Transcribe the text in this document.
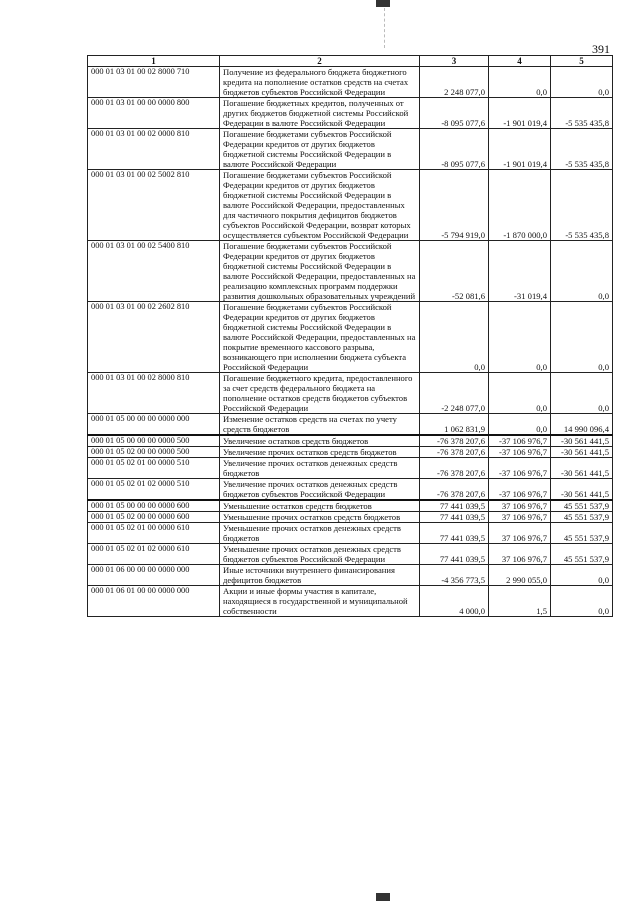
391
1	2	3	4	5
000 01 03 01 00 02 8000 710	Получение из федерального бюджета бюджетного кредита на пополнение остатков средств на счетах бюджетов субъектов Российской Федерации	2 248 077,0	0,0	0,0
000 01 03 01 00 00 0000 800	Погашение бюджетных кредитов, полученных от других бюджетов бюджетной системы Российской Федерации в валюте Российской Федерации	-8 095 077,6	-1 901 019,4	-5 535 435,8
000 01 03 01 00 02 0000 810	Погашение бюджетами субъектов Российской Федерации кредитов от других бюджетов бюджетной системы Российской Федерации в валюте Российской Федерации	-8 095 077,6	-1 901 019,4	-5 535 435,8
000 01 03 01 00 02 5002 810	Погашение бюджетами субъектов Российской Федерации кредитов от других бюджетов бюджетной системы Российской Федерации в валюте Российской Федерации, предоставленных для частичного покрытия дефицитов бюджетов субъектов Российской Федерации, возврат которых осуществляется субъектом Российской Федерации	-5 794 919,0	-1 870 000,0	-5 535 435,8
000 01 03 01 00 02 5400 810	Погашение бюджетами субъектов Российской Федерации кредитов от других бюджетов бюджетной системы Российской Федерации в валюте Российской Федерации, предоставленных на реализацию комплексных программ поддержки развития дошкольных образовательных учреждений	-52 081,6	-31 019,4	0,0
000 01 03 01 00 02 2602 810	Погашение бюджетами субъектов Российской Федерации кредитов от других бюджетов бюджетной системы Российской Федерации в валюте Российской Федерации, предоставленных на покрытие временного кассового разрыва, возникающего при исполнении бюджета субъекта Российской Федерации	0,0	0,0	0,0
000 01 03 01 00 02 8000 810	Погашение бюджетного кредита, предоставленного за счет средств федерального бюджета на пополнение остатков средств бюджетов субъектов Российской Федерации	-2 248 077,0	0,0	0,0
000 01 05 00 00 00 0000 000	Изменение остатков средств на счетах по учету средств бюджетов	1 062 831,9	0,0	14 990 096,4
000 01 05 00 00 00 0000 500	Увеличение остатков средств бюджетов	-76 378 207,6	-37 106 976,7	-30 561 441,5
000 01 05 02 00 00 0000 500	Увеличение прочих остатков средств бюджетов	-76 378 207,6	-37 106 976,7	-30 561 441,5
000 01 05 02 01 00 0000 510	Увеличение прочих остатков денежных средств бюджетов	-76 378 207,6	-37 106 976,7	-30 561 441,5
000 01 05 02 01 02 0000 510	Увеличение прочих остатков денежных средств бюджетов субъектов Российской Федерации	-76 378 207,6	-37 106 976,7	-30 561 441,5
000 01 05 00 00 00 0000 600	Уменьшение остатков средств бюджетов	77 441 039,5	37 106 976,7	45 551 537,9
000 01 05 02 00 00 0000 600	Уменьшение прочих остатков средств бюджетов	77 441 039,5	37 106 976,7	45 551 537,9
000 01 05 02 01 00 0000 610	Уменьшение прочих остатков денежных средств бюджетов	77 441 039,5	37 106 976,7	45 551 537,9
000 01 05 02 01 02 0000 610	Уменьшение прочих остатков денежных средств бюджетов субъектов Российской Федерации	77 441 039,5	37 106 976,7	45 551 537,9
000 01 06 00 00 00 0000 000	Иные источники внутреннего финансирования дефицитов бюджетов	-4 356 773,5	2 990 055,0	0,0
000 01 06 01 00 00 0000 000	Акции и иные формы участия в капитале, находящиеся в государственной и муниципальной собственности	4 000,0	1,5	0,0
